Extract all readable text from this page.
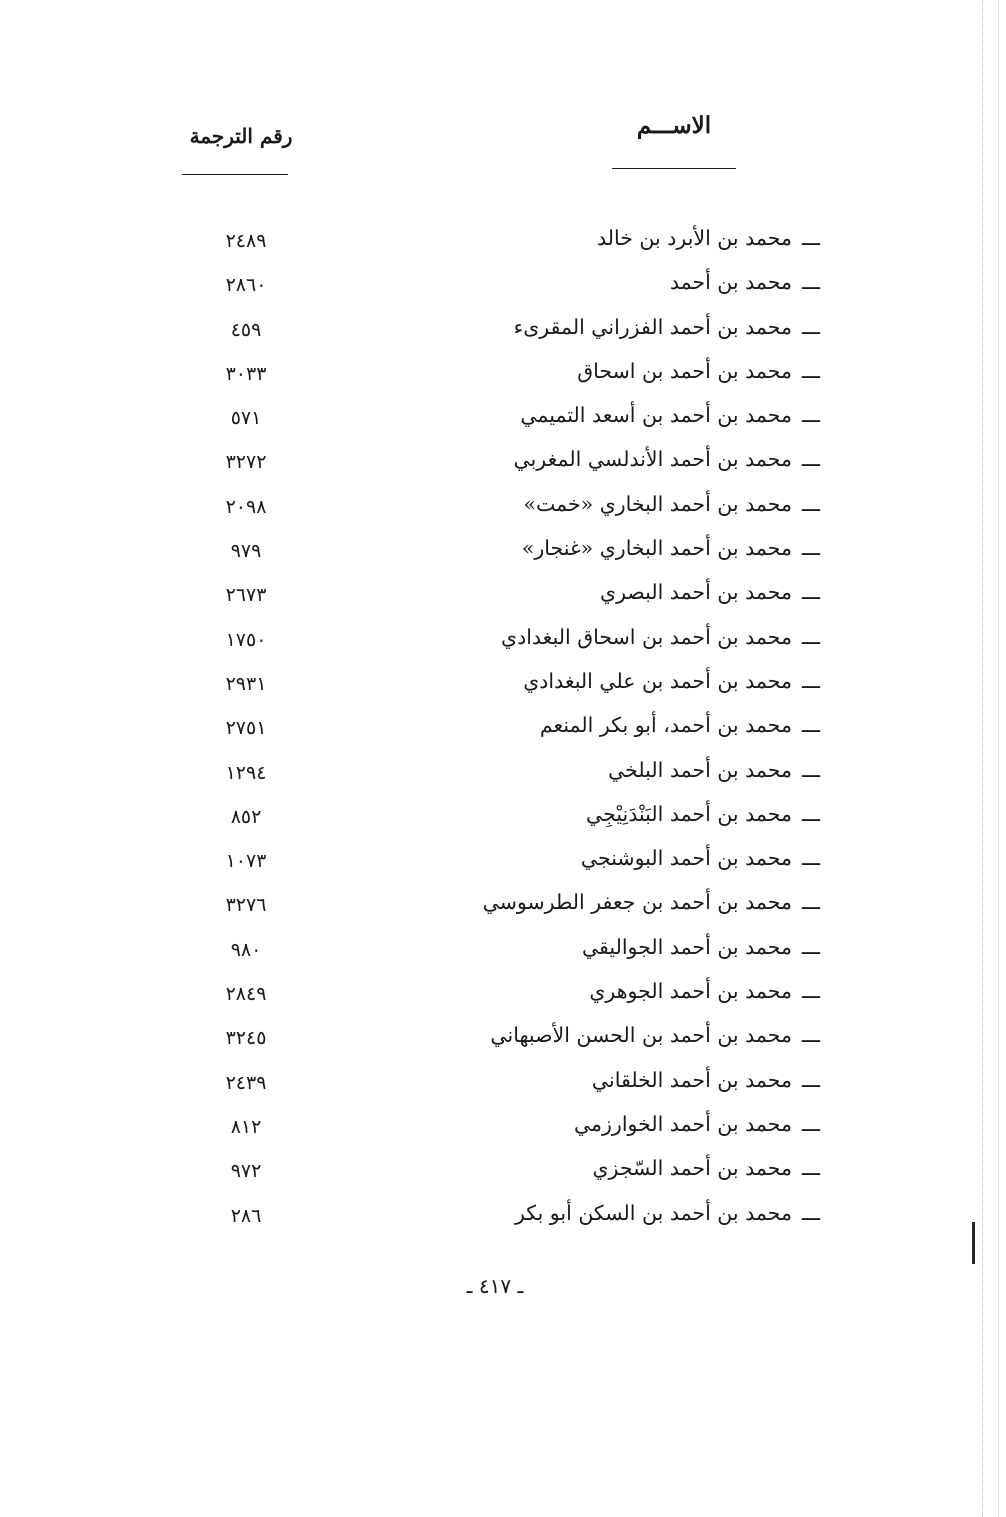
الاســـم
رقم الترجمة
ـــمحمد بن الأبرد بن خالد
٢٤٨٩
ـــمحمد بن أحمد
٢٨٦٠
ـــمحمد بن أحمد الفزراني المقرىء
٤٥٩
ـــمحمد بن أحمد بن اسحاق
٣٠٣٣
ـــمحمد بن أحمد بن أسعد التميمي
٥٧١
ـــمحمد بن أحمد الأندلسي المغربي
٣٢٧٢
ـــمحمد بن أحمد البخاري «خمت»
٢٠٩٨
ـــمحمد بن أحمد البخاري «غنجار»
٩٧٩
ـــمحمد بن أحمد البصري
٢٦٧٣
ـــمحمد بن أحمد بن اسحاق البغدادي
١٧٥٠
ـــمحمد بن أحمد بن علي البغدادي
٢٩٣١
ـــمحمد بن أحمد، أبو بكر المنعم
٢٧٥١
ـــمحمد بن أحمد البلخي
١٢٩٤
ـــمحمد بن أحمد البَنْدَنِيْجِي
٨٥٢
ـــمحمد بن أحمد البوشنجي
١٠٧٣
ـــمحمد بن أحمد بن جعفر الطرسوسي
٣٢٧٦
ـــمحمد بن أحمد الجواليقي
٩٨٠
ـــمحمد بن أحمد الجوهري
٢٨٤٩
ـــمحمد بن أحمد بن الحسن الأصبهاني
٣٢٤٥
ـــمحمد بن أحمد الخلقاني
٢٤٣٩
ـــمحمد بن أحمد الخوارزمي
٨١٢
ـــمحمد بن أحمد السّجزي
٩٧٢
ـــمحمد بن أحمد بن السكن أبو بكر
٢٨٦
ـ ٤١٧ ـ
